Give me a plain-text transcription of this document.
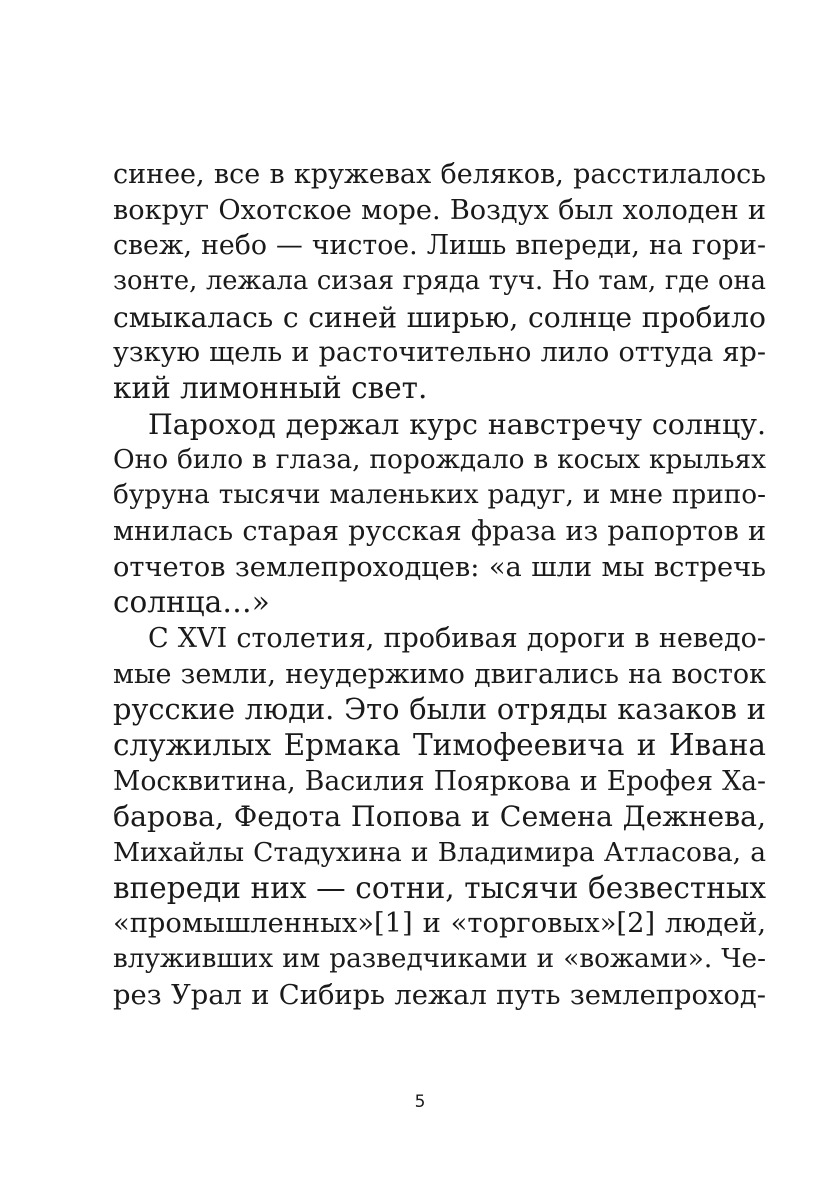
синее, все в кружевах беляков, расстилалось
вокруг Охотское море. Воздух был холоден и
свеж, небо — чистое. Лишь впереди, на гори-
зонте, лежала сизая гряда туч. Но там, где она
смыкалась с синей ширью, солнце пробило
узкую щель и расточительно лило оттуда яр-
кий лимонный свет.
Пароход держал курс навстречу солнцу.
Оно било в глаза, порождало в косых крыльях
буруна тысячи маленьких радуг, и мне припо-
мнилась старая русская фраза из рапортов и
отчетов землепроходцев: «а шли мы встречь
солнца…»
С XVI столетия, пробивая дороги в неведо-
мые земли, неудержимо двигались на восток
русские люди. Это были отряды казаков и
служилых Ермака Тимофеевича и Ивана
Москвитина, Василия Пояркова и Ерофея Ха-
барова, Федота Попова и Семена Дежнева,
Михайлы Стадухина и Владимира Атласова, а
впереди них — сотни, тысячи безвестных
«промышленных»[1] и «торговых»[2] людей,
влуживших им разведчиками и «вожами». Че-
рез Урал и Сибирь лежал путь землепроход-
5
